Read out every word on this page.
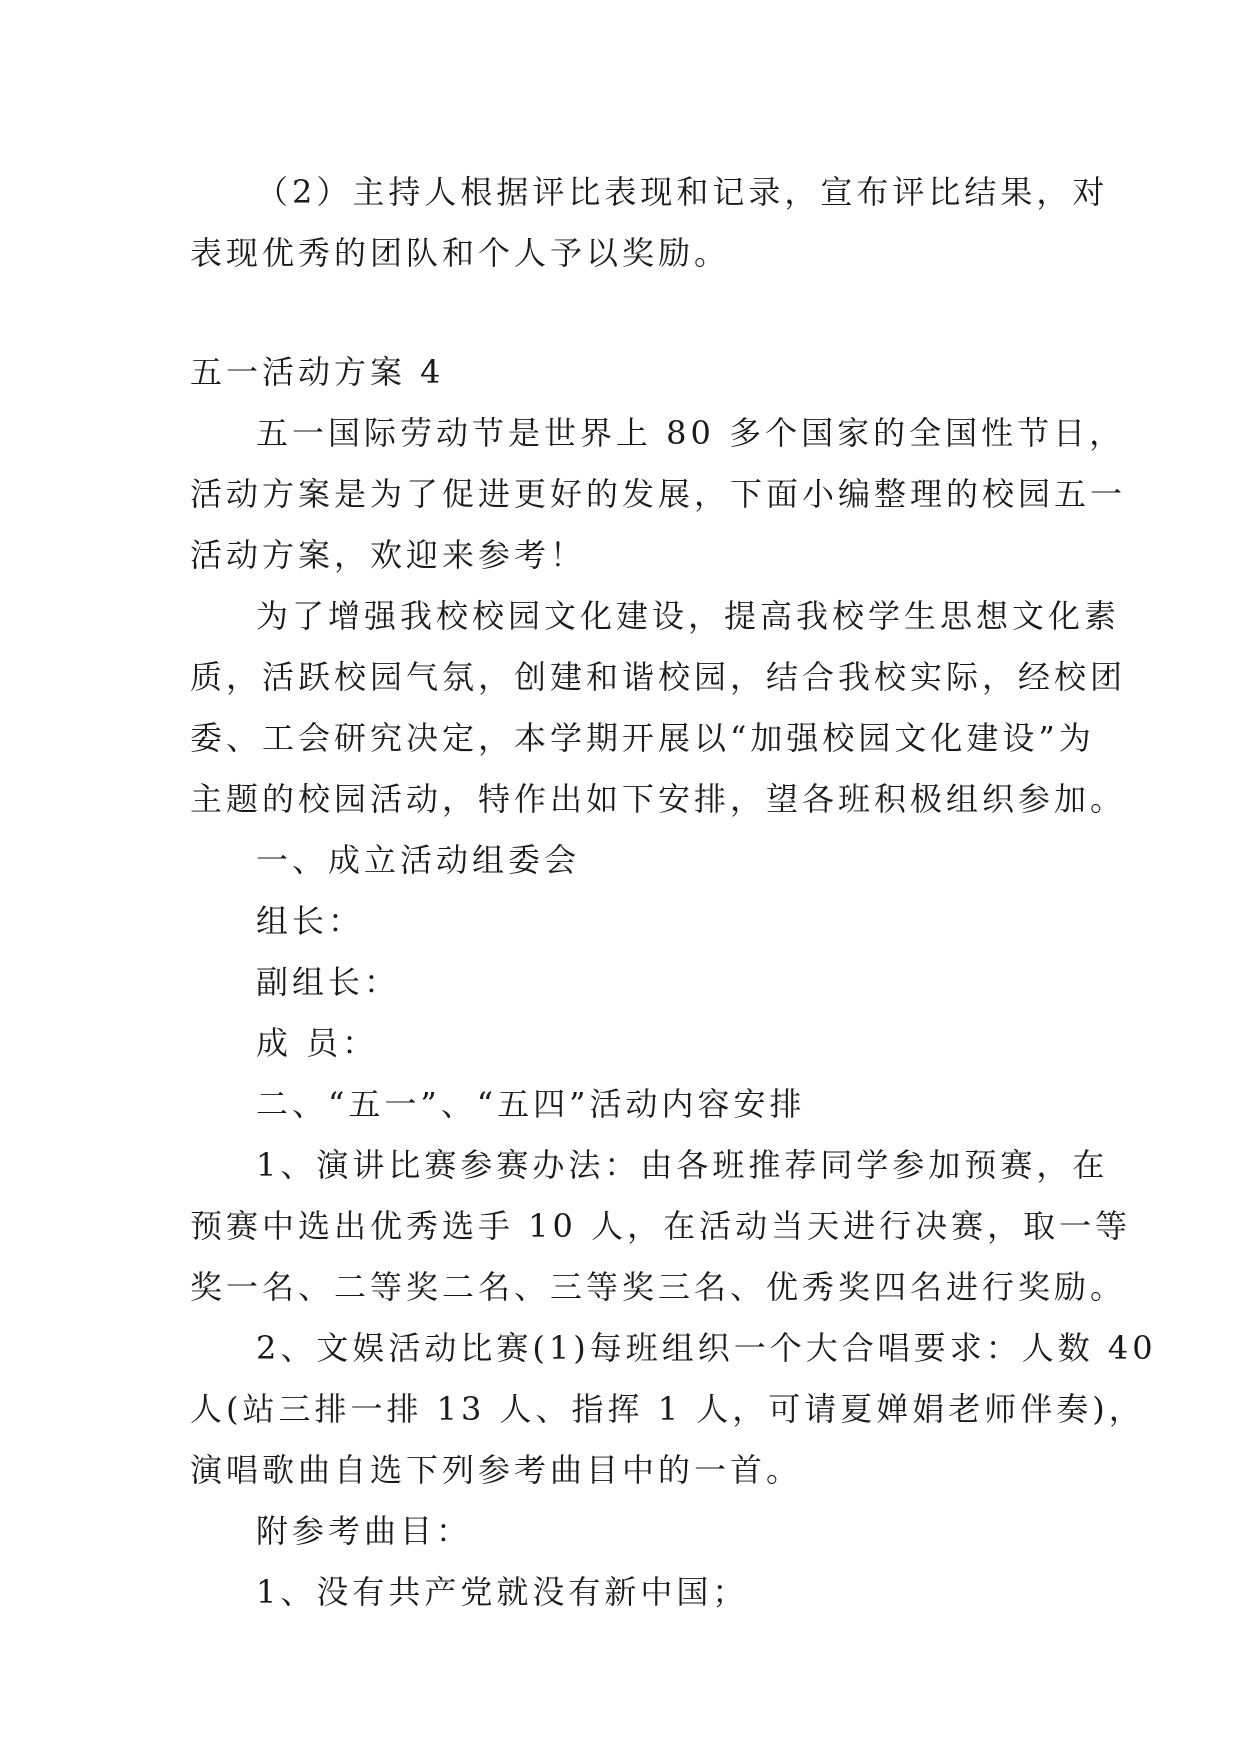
（2）主持人根据评比表现和记录，宣布评比结果，对
表现优秀的团队和个人予以奖励。
五一活动方案 4
五一国际劳动节是世界上 80 多个国家的全国性节日，
活动方案是为了促进更好的发展，下面小编整理的校园五一
活动方案，欢迎来参考！
为了增强我校校园文化建设，提高我校学生思想文化素
质，活跃校园气氛，创建和谐校园，结合我校实际，经校团
委、工会研究决定，本学期开展以“加强校园文化建设”为
主题的校园活动，特作出如下安排，望各班积极组织参加。
一、成立活动组委会
组长：
副组长：
成 员：
二、“五一”、“五四”活动内容安排
1、演讲比赛参赛办法：由各班推荐同学参加预赛，在
预赛中选出优秀选手 10 人，在活动当天进行决赛，取一等
奖一名、二等奖二名、三等奖三名、优秀奖四名进行奖励。
2、文娱活动比赛(1)每班组织一个大合唱要求：人数 40
人(站三排一排 13 人、指挥 1 人，可请夏婵娟老师伴奏)，
演唱歌曲自选下列参考曲目中的一首。
附参考曲目：
1、没有共产党就没有新中国；
